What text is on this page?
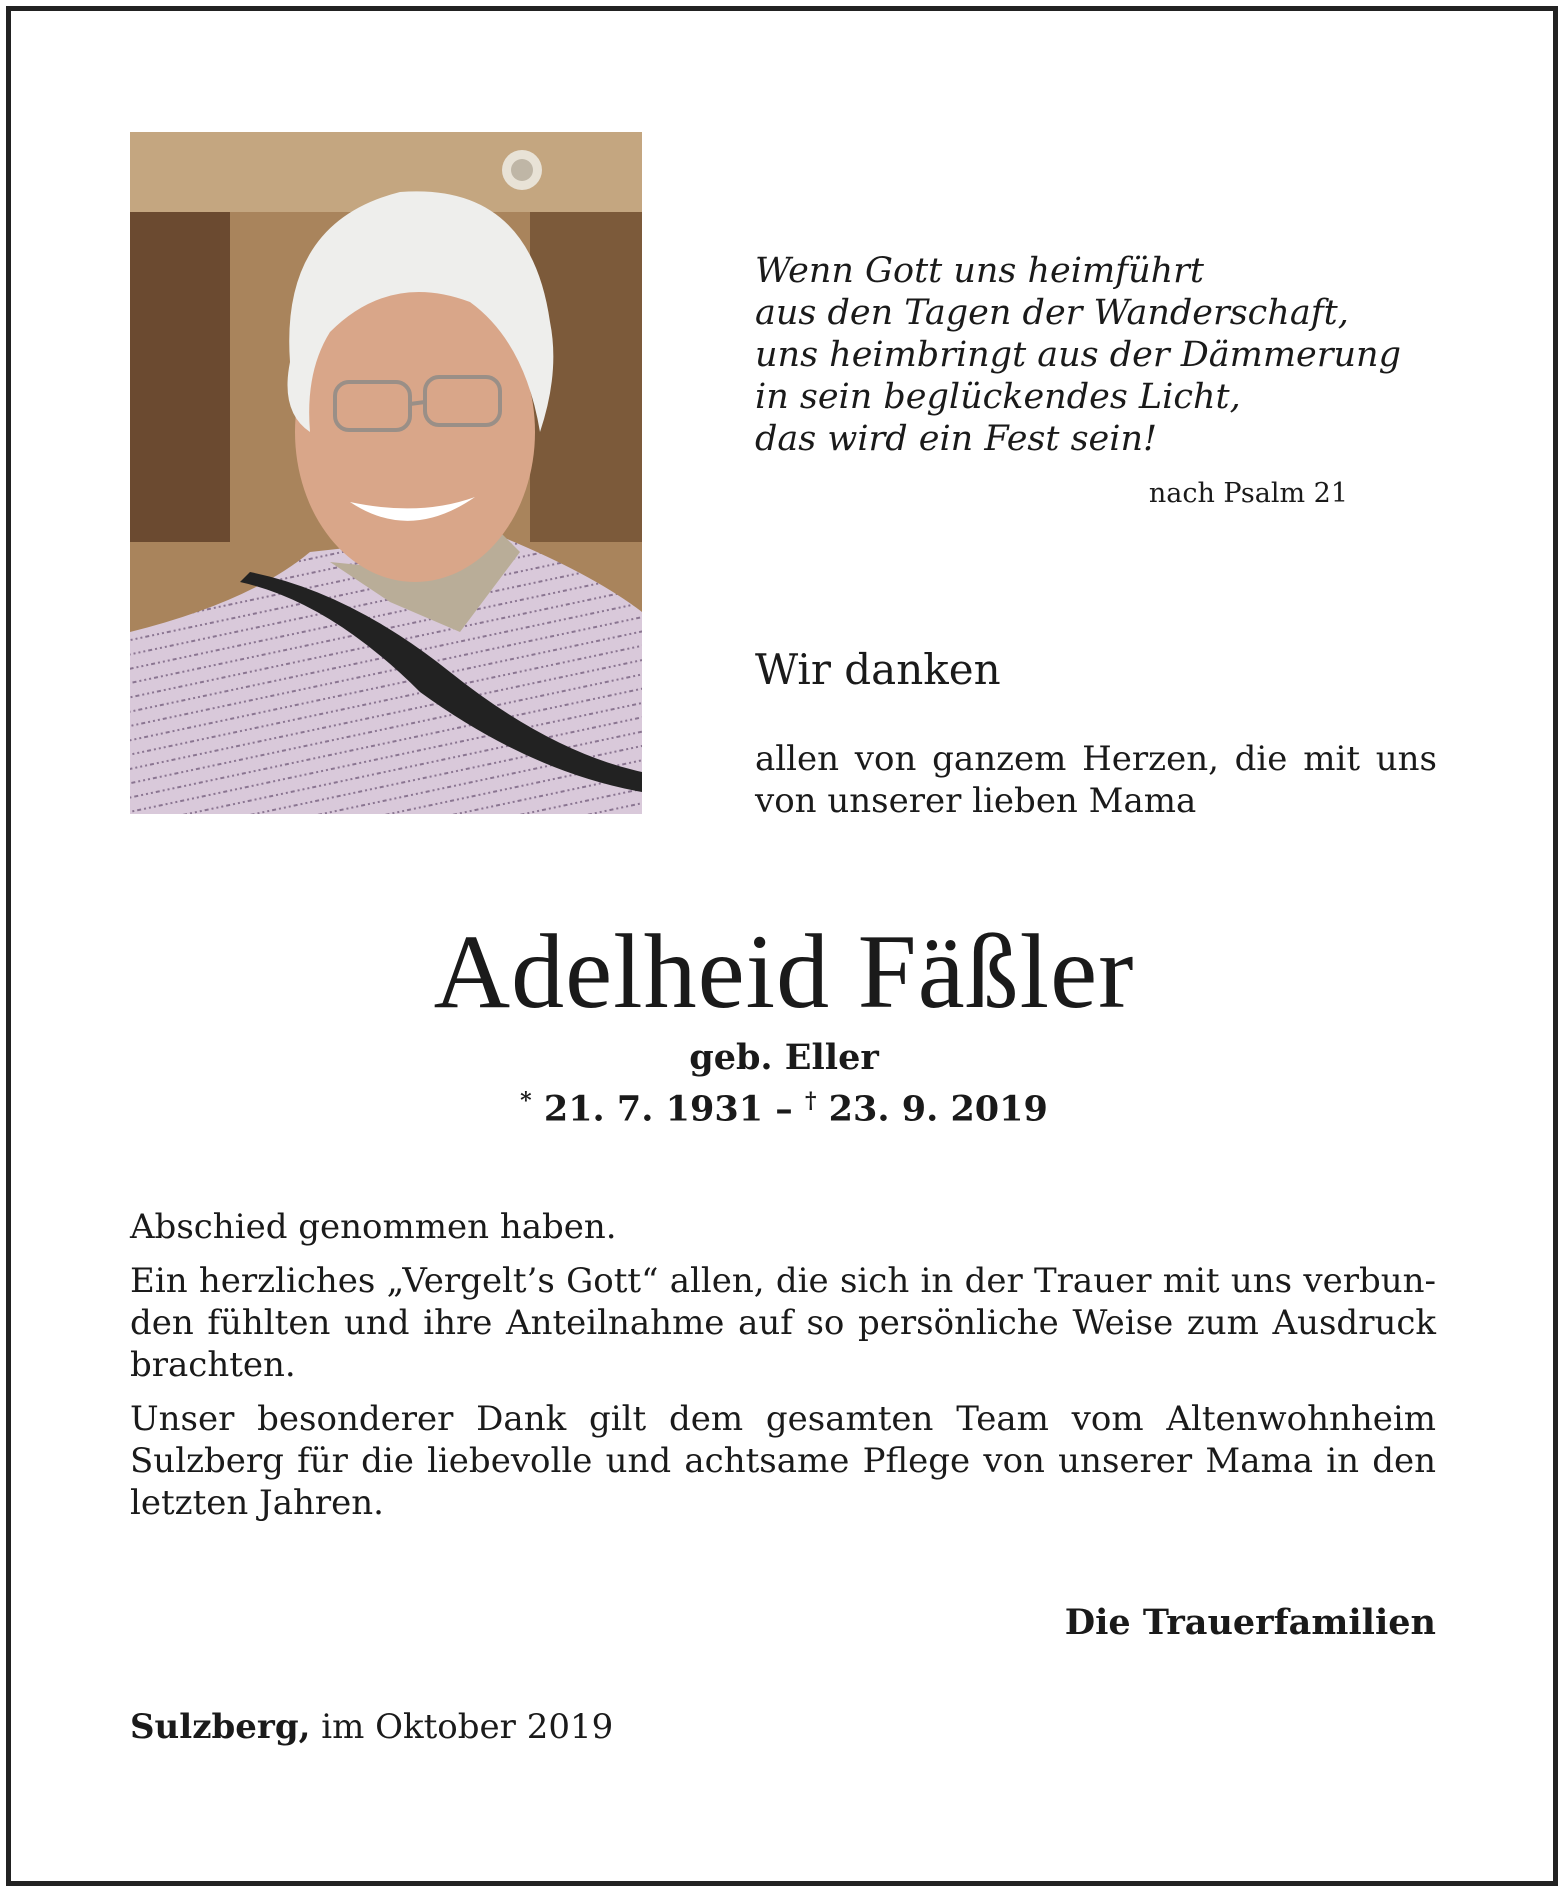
Wenn Gott uns heimführt
aus den Tagen der Wanderschaft,
uns heimbringt aus der Dämmerung
in sein beglückendes Licht,
das wird ein Fest sein!
nach Psalm 21
Wir danken
allen von ganzem Herzen, die mit uns
von unserer lieben Mama
Adelheid Fäßler
geb. Eller
* 21. 7. 1931 – † 23. 9. 2019
Abschied genommen haben.
Ein herzliches „Vergelt’s Gott“ allen, die sich in der Trauer mit uns verbun-
den fühlten und ihre Anteilnahme auf so persönliche Weise zum Ausdruck
brachten.
Unser besonderer Dank gilt dem gesamten Team vom Altenwohnheim
Sulzberg für die liebevolle und achtsame Pflege von unserer Mama in den
letzten Jahren.
Die Trauerfamilien
Sulzberg, im Oktober 2019
